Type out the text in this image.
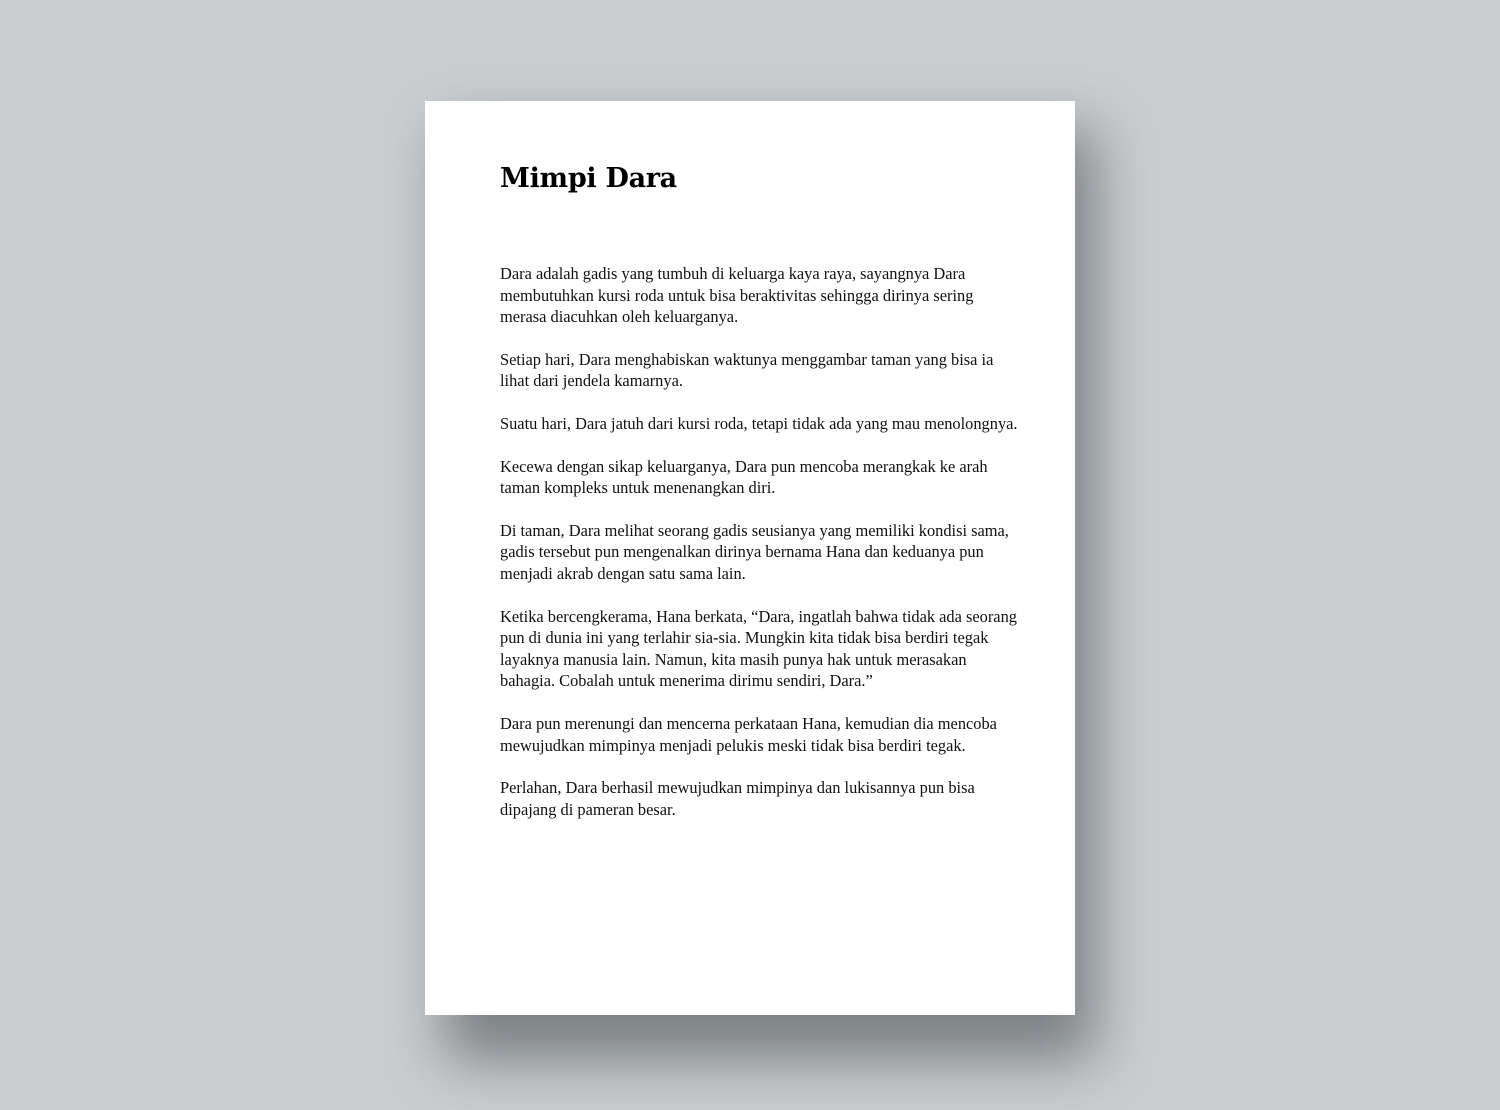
Mimpi Dara

Dara adalah gadis yang tumbuh di keluarga kaya raya, sayangnya Dara membutuhkan kursi roda untuk bisa beraktivitas sehingga dirinya sering merasa diacuhkan oleh keluarganya.

Setiap hari, Dara menghabiskan waktunya menggambar taman yang bisa ia lihat dari jendela kamarnya.

Suatu hari, Dara jatuh dari kursi roda, tetapi tidak ada yang mau menolongnya.

Kecewa dengan sikap keluarganya, Dara pun mencoba merangkak ke arah taman kompleks untuk menenangkan diri.

Di taman, Dara melihat seorang gadis seusianya yang memiliki kondisi sama, gadis tersebut pun mengenalkan dirinya bernama Hana dan keduanya pun menjadi akrab dengan satu sama lain.

Ketika bercengkerama, Hana berkata, “Dara, ingatlah bahwa tidak ada seorang pun di dunia ini yang terlahir sia-sia. Mungkin kita tidak bisa berdiri tegak layaknya manusia lain. Namun, kita masih punya hak untuk merasakan bahagia. Cobalah untuk menerima dirimu sendiri, Dara.”

Dara pun merenungi dan mencerna perkataan Hana, kemudian dia mencoba mewujudkan mimpinya menjadi pelukis meski tidak bisa berdiri tegak.

Perlahan, Dara berhasil mewujudkan mimpinya dan lukisannya pun bisa dipajang di pameran besar.
